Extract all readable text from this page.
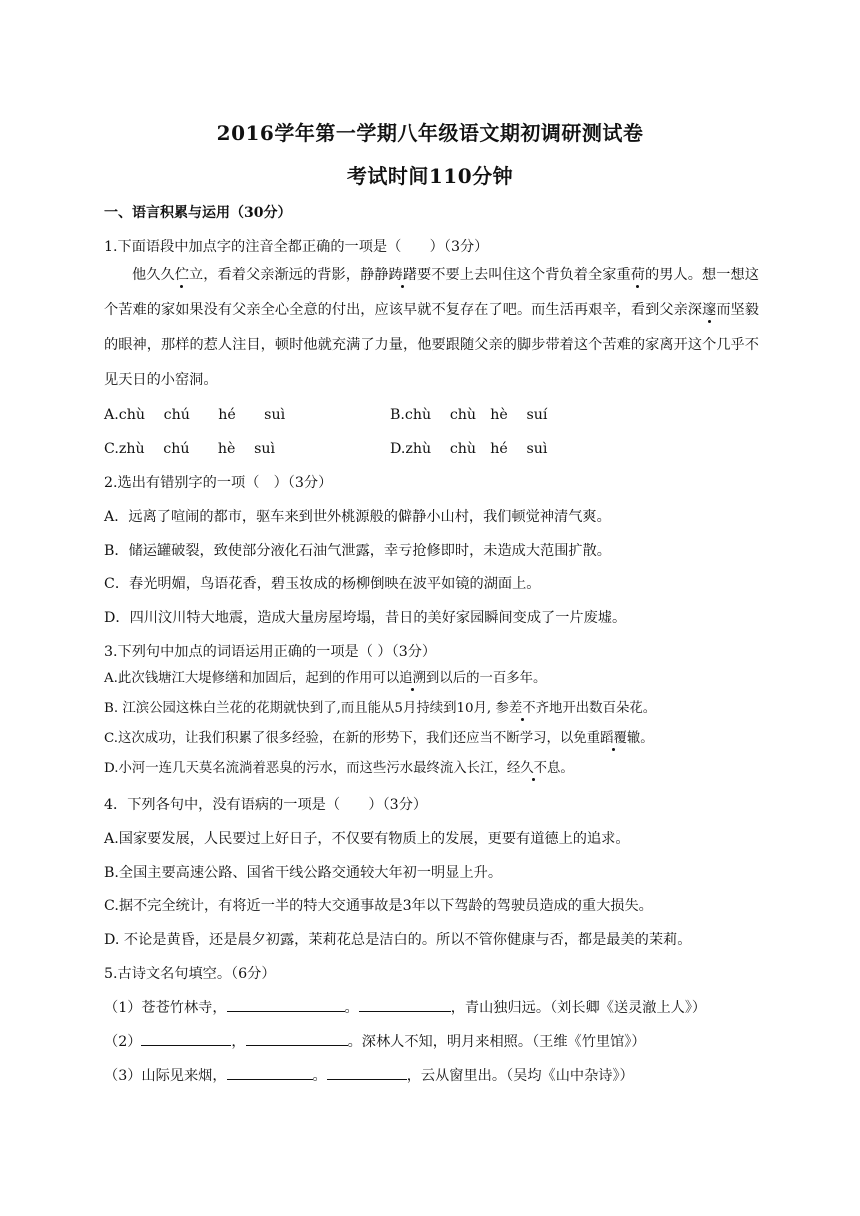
2016学年第一学期八年级语文期初调研测试卷
考试时间110分钟
一、语言积累与运用（30分）
1.下面语段中加点字的注音全都正确的一项是（　　）（3分）
他久久伫立，看着父亲渐远的背影，静静踌躇要不要上去叫住这个背负着全家重荷的男人。想一想这个苦难的家如果没有父亲全心全意的付出，应该早就不复存在了吧。而生活再艰辛，看到父亲深邃而坚毅的眼神，那样的惹人注目，顿时他就充满了力量，他要跟随父亲的脚步带着这个苦难的家离开这个几乎不见天日的小窑洞。
A.chù　 chú　　hé　　suì	B.chù　 chù　hè　 suí
C.zhù　 chú　　hè　 suì	D.zhù　 chù　hé　 suì
2.选出有错别字的一项（　）（3分）
A．远离了喧闹的都市，驱车来到世外桃源般的僻静小山村，我们顿觉神清气爽。
B．储运罐破裂，致使部分液化石油气泄露，幸亏抢修即时，未造成大范围扩散。
C．春光明媚，鸟语花香，碧玉妆成的杨柳倒映在波平如镜的湖面上。
D．四川汶川特大地震，造成大量房屋垮塌，昔日的美好家园瞬间变成了一片废墟。
3.下列句中加点的词语运用正确的一项是（ ）（3分）
A.此次钱塘江大堤修缮和加固后，起到的作用可以追溯到以后的一百多年。
B. 江滨公园这株白兰花的花期就快到了,而且能从5月持续到10月, 参差不齐地开出数百朵花。
C.这次成功，让我们积累了很多经验，在新的形势下，我们还应当不断学习，以免重蹈覆辙。
D.小河一连几天莫名流淌着恶臭的污水，而这些污水最终流入长江，经久不息。
4．下列各句中，没有语病的一项是（　　）（3分）
A.国家要发展，人民要过上好日子，不仅要有物质上的发展，更要有道德上的追求。
B.全国主要高速公路、国省干线公路交通较大年初一明显上升。
C.据不完全统计，有将近一半的特大交通事故是3年以下驾龄的驾驶员造成的重大损失。
D. 不论是黄昏，还是晨夕初露，茉莉花总是洁白的。所以不管你健康与否，都是最美的茉莉。
5.古诗文名句填空。（6分）
（1）苍苍竹林寺，	。	，青山独归远。（刘长卿《送灵澈上人》）
（2）	，	。深林人不知，明月来相照。（王维《竹里馆》）
（3）山际见来烟，	。	，云从窗里出。（吴均《山中杂诗》）
